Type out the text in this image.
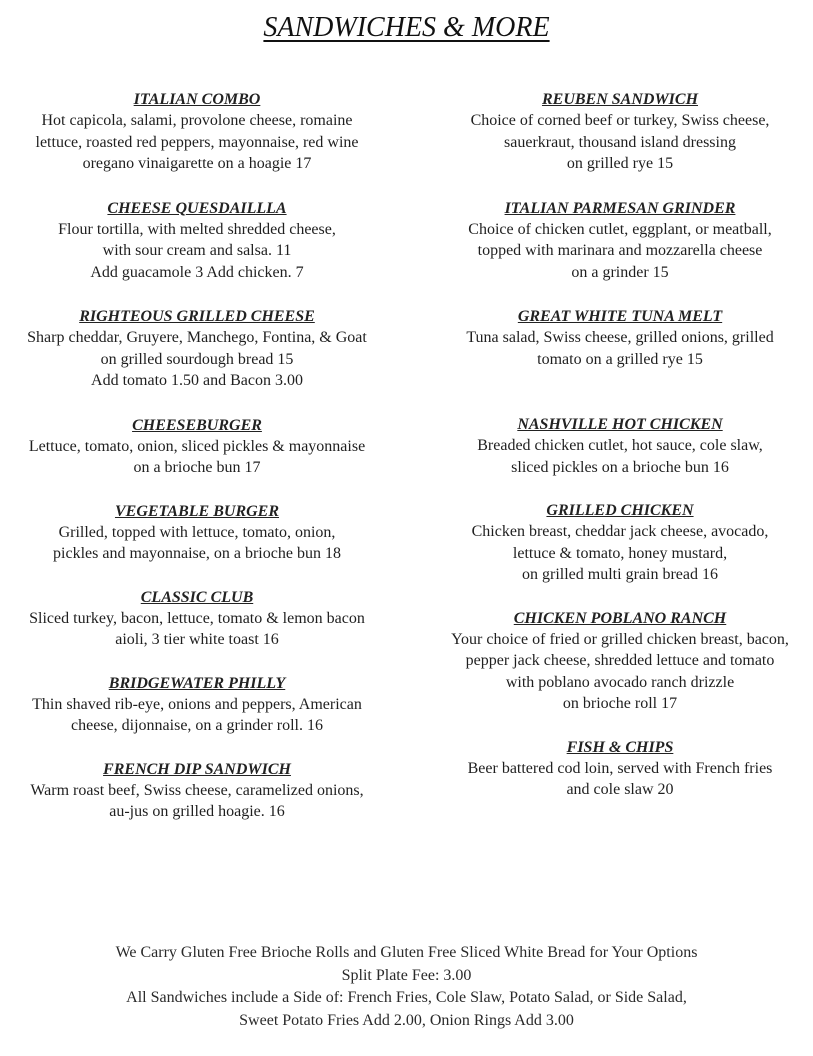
SANDWICHES & MORE
ITALIAN COMBO
Hot capicola, salami, provolone cheese, romaine
lettuce, roasted red peppers, mayonnaise, red wine
oregano vinaigarette on a hoagie 17
CHEESE QUESDAILLLA
Flour tortilla, with melted shredded cheese,
with sour cream and salsa. 11
Add guacamole 3 Add chicken. 7
RIGHTEOUS GRILLED CHEESE
Sharp cheddar, Gruyere, Manchego, Fontina, & Goat
on grilled sourdough bread 15
Add tomato 1.50 and Bacon 3.00
CHEESEBURGER
Lettuce, tomato, onion, sliced pickles & mayonnaise
on a brioche bun 17
VEGETABLE BURGER
Grilled, topped with lettuce, tomato, onion,
pickles and mayonnaise, on a brioche bun 18
CLASSIC CLUB
Sliced turkey, bacon, lettuce, tomato & lemon bacon
aioli, 3 tier white toast 16
BRIDGEWATER PHILLY
Thin shaved rib-eye, onions and peppers, American
cheese, dijonnaise, on a grinder roll. 16
FRENCH DIP SANDWICH
Warm roast beef, Swiss cheese, caramelized onions,
au-jus on grilled hoagie. 16
REUBEN SANDWICH
Choice of corned beef or turkey, Swiss cheese,
sauerkraut, thousand island dressing
on grilled rye 15
ITALIAN PARMESAN GRINDER
Choice of chicken cutlet, eggplant, or meatball,
topped with marinara and mozzarella cheese
on a grinder 15
GREAT WHITE TUNA MELT
Tuna salad, Swiss cheese, grilled onions, grilled
tomato on a grilled rye 15
NASHVILLE HOT CHICKEN
Breaded chicken cutlet, hot sauce, cole slaw,
sliced pickles on a brioche bun 16
GRILLED CHICKEN
Chicken breast, cheddar jack cheese, avocado,
lettuce & tomato, honey mustard,
on grilled multi grain bread 16
CHICKEN POBLANO RANCH
Your choice of fried or grilled chicken breast, bacon,
pepper jack cheese, shredded lettuce and tomato
with poblano avocado ranch drizzle
on brioche roll 17
FISH & CHIPS
Beer battered cod loin, served with French fries
and cole slaw 20
We Carry Gluten Free Brioche Rolls and Gluten Free Sliced White Bread for Your Options
Split Plate Fee: 3.00
All Sandwiches include a Side of: French Fries, Cole Slaw, Potato Salad, or Side Salad,
Sweet Potato Fries Add 2.00, Onion Rings Add 3.00
